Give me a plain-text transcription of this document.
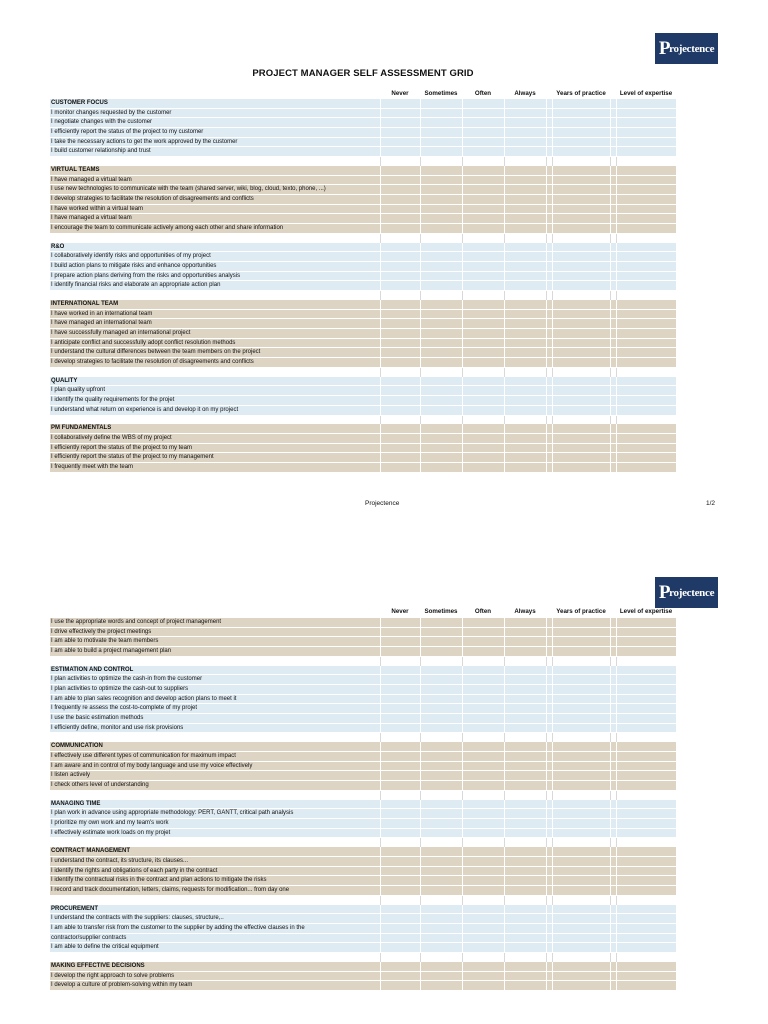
P rojectence
PROJECT MANAGER SELF ASSESSMENT GRID
Never	Sometimes	Often	Always	Years of practice	Level of expertise
CUSTOMER FOCUS
I monitor changes requested by the customer
I negotiate changes with the customer
I efficiently report the status of the project to my customer
I take the necessary actions to get the work approved by the customer
I build customer relationship and trust
VIRTUAL TEAMS
I have managed a virtual team
I use new technologies to communicate with the team (shared server, wiki, blog, cloud, texto, phone, ...)
I develop strategies to facilitate the resolution of disagreements and conflicts
I have worked within a virtual team
I have managed a virtual team
I encourage the team to communicate actively among each other and share information
R&O
I collaboratively identify risks and opportunities of my project
I build action plans to mitigate risks and enhance opportunities
I prepare action plans deriving from the risks and opportunities analysis
I identify financial risks and elaborate an appropriate action plan
INTERNATIONAL TEAM
I have worked in an international team
I have managed an international team
I have successfully managed an international project
I anticipate conflict and successfully adopt conflict resolution methods
I understand the cultural differences between the team members on the project
I develop strategies to facilitate the resolution of disagreements and conflicts
QUALITY
I plan quality upfront
I identify the quality requirements for the projet
I understand what return on experience is and develop it on my project
PM FUNDAMENTALS
I collaboratively define the WBS of my project
I efficiently report the status of the project to my team
I efficiently report the status of the project to my management
I frequently meet with the team
Projectence	1/2
P rojectence
Never	Sometimes	Often	Always	Years of practice	Level of expertise
I use the appropriate words and concept of project management
I drive effectively the project meetings
I am able to motivate the team members
I am able to build a project management plan
ESTIMATION AND CONTROL
I plan activities to optimize the cash-in from the customer
I plan activities to optimize the cash-out to suppliers
I am able to plan sales recognition and develop action plans to meet it
I frequently re assess the cost-to-complete of my projet
I use the basic estimation methods
I efficiently define, monitor and use risk provisions
COMMUNICATION
I effectively use different types of communication for maximum impact
I am aware and in control of my body language and use my voice effectively
I listen actively
I check others level of understanding
MANAGING TIME
I plan work in advance using appropriate methodology: PERT, GANTT, critical path analysis
I prioritize my own work and my team's work
I effectively estimate work loads on my projet
CONTRACT MANAGEMENT
I understand the contract, its structure, its clauses...
I identify the rights and obligations of each party in the contract
I identify the contractual risks in the contract and plan actions to mitigate the risks
I record and track documentation, letters, claims, requests for modification... from day one
PROCUREMENT
I understand the contracts with the suppliers: clauses, structure,..
I am able to transfer risk from the customer to the supplier by adding the effective clauses in the
contractor/supplier contracts
I am able to define the critical equipment
MAKING EFFECTIVE DECISIONS
I develop the right approach to solve problems
I develop a culture of problem-solving within my team
